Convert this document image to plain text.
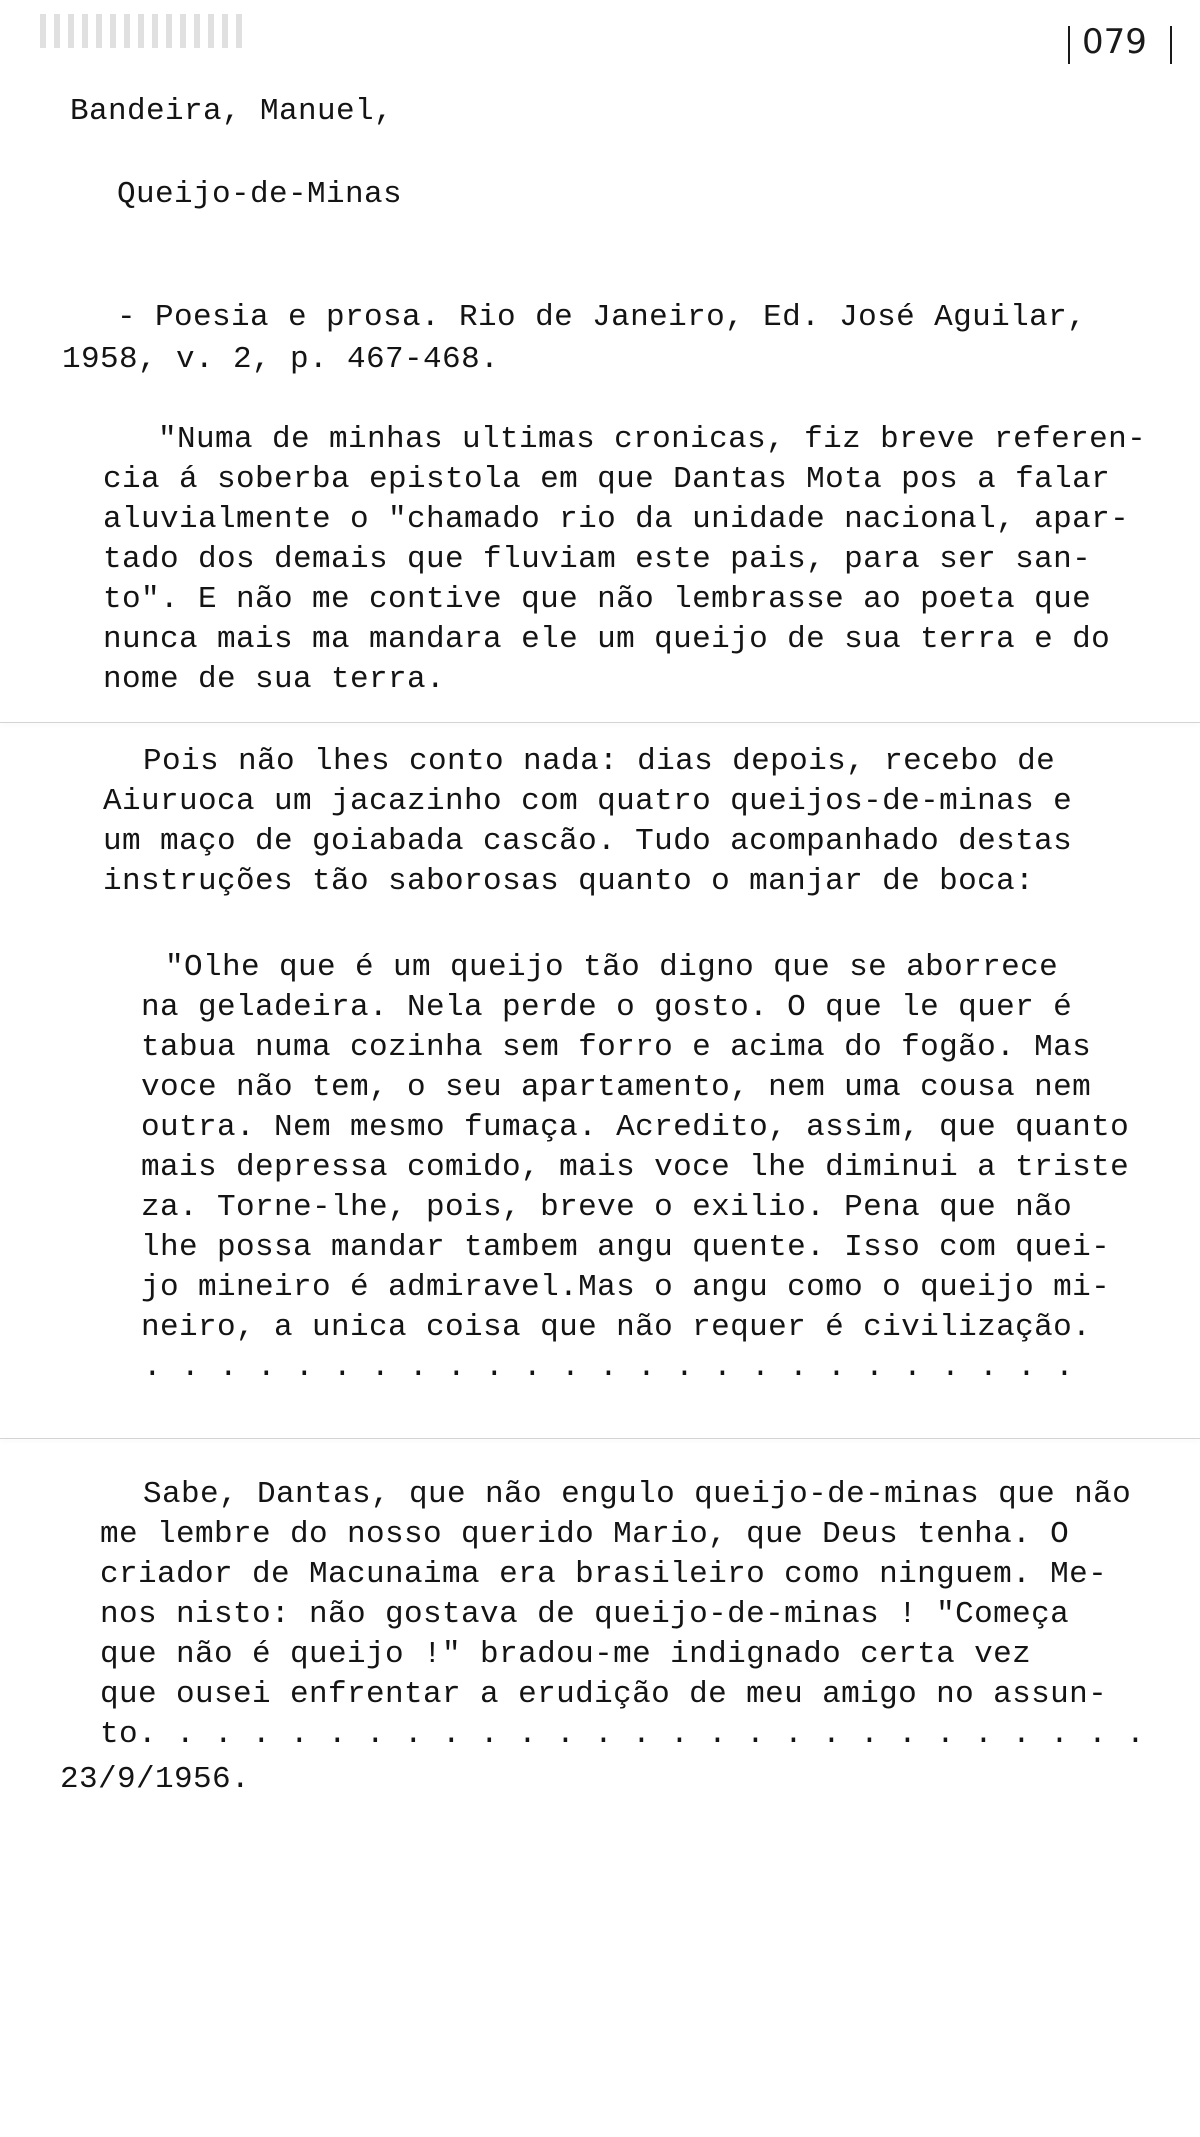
079
Bandeira, Manuel,
Queijo-de-Minas
- Poesia e prosa. Rio de Janeiro, Ed. José Aguilar,
1958, v. 2, p. 467-468.
"Numa de minhas ultimas cronicas, fiz breve referen-
cia á soberba epistola em que Dantas Mota pos a falar
aluvialmente o "chamado rio da unidade nacional, apar-
tado dos demais que fluviam este pais, para ser san-
to". E não me contive que não lembrasse ao poeta que
nunca mais ma mandara ele um queijo de sua terra e do
nome de sua terra.
Pois não lhes conto nada: dias depois, recebo de
Aiuruoca um jacazinho com quatro queijos-de-minas e
um maço de goiabada cascão. Tudo acompanhado destas
instruções tão saborosas quanto o manjar de boca:
"Olhe que é um queijo tão digno que se aborrece
na geladeira. Nela perde o gosto. O que le quer é
tabua numa cozinha sem forro e acima do fogão. Mas
voce não tem, o seu apartamento, nem uma cousa nem
outra. Nem mesmo fumaça. Acredito, assim, que quanto
mais depressa comido, mais voce lhe diminui a triste
za. Torne-lhe, pois, breve o exilio. Pena que não
lhe possa mandar tambem angu quente. Isso com quei-
jo mineiro é admiravel.Mas o angu como o queijo mi-
neiro, a unica coisa que não requer é civilização.
. . . . . . . . . . . . . . . . . . . . . . . . .
Sabe, Dantas, que não engulo queijo-de-minas que não
me lembre do nosso querido Mario, que Deus tenha. O
criador de Macunaima era brasileiro como ninguem. Me-
nos nisto: não gostava de queijo-de-minas ! "Começa
que não é queijo !" bradou-me indignado certa vez
que ousei enfrentar a erudição de meu amigo no assun-
to. . . . . . . . . . . . . . . . . . . . . . . . . . .
23/9/1956.
